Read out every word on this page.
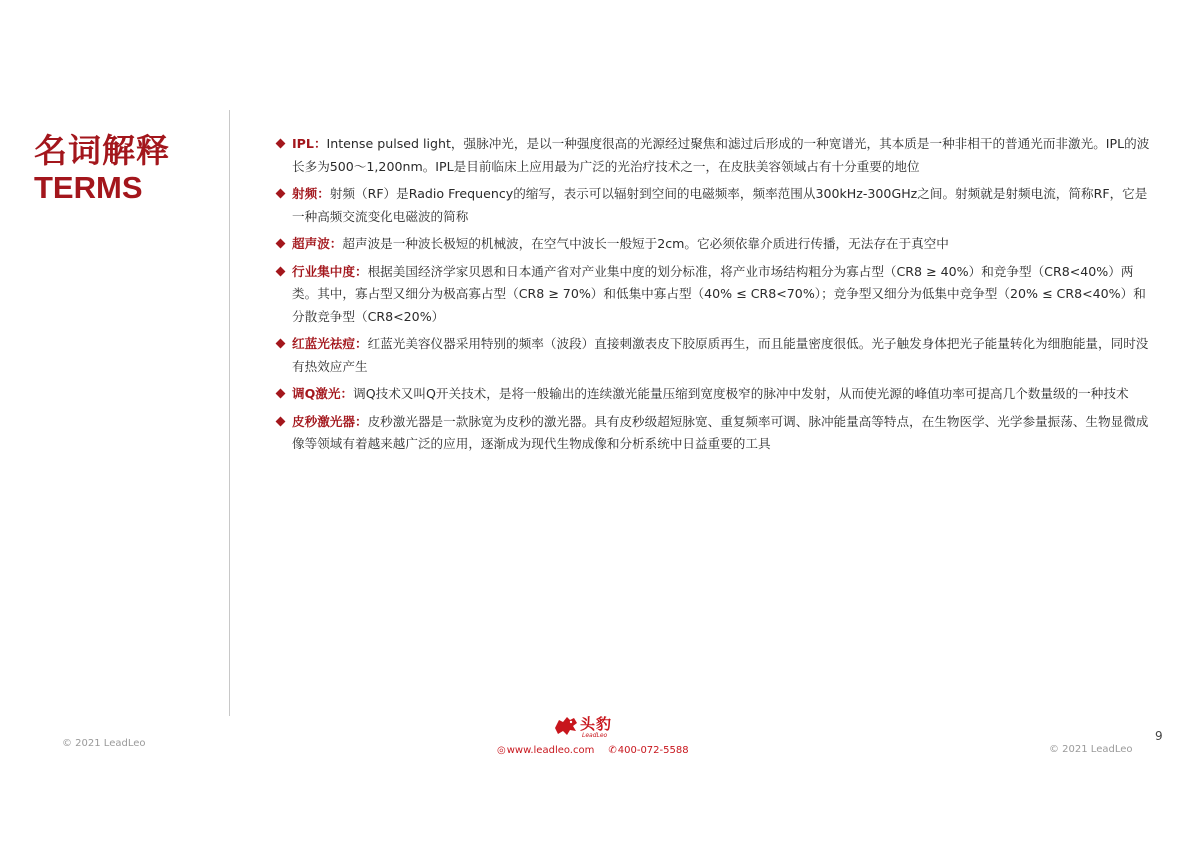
名词解释
TERMS
IPL：Intense pulsed light，强脉冲光，是以一种强度很高的光源经过聚焦和滤过后形成的一种宽谱光，其本质是一种非相干的普通光而非激光。IPL的波长多为500～1,200nm。IPL是目前临床上应用最为广泛的光治疗技术之一，在皮肤美容领域占有十分重要的地位
射频：射频（RF）是Radio Frequency的缩写，表示可以辐射到空间的电磁频率，频率范围从300kHz-300GHz之间。射频就是射频电流，简称RF，它是一种高频交流变化电磁波的简称
超声波：超声波是一种波长极短的机械波，在空气中波长一般短于2cm。它必须依靠介质进行传播，无法存在于真空中
行业集中度：根据美国经济学家贝恩和日本通产省对产业集中度的划分标准，将产业市场结构粗分为寡占型（CR8 ≥ 40%）和竞争型（CR8<40%）两类。其中，寡占型又细分为极高寡占型（CR8 ≥ 70%）和低集中寡占型（40% ≤ CR8<70%）；竞争型又细分为低集中竞争型（20% ≤ CR8<40%）和分散竞争型（CR8<20%）
红蓝光祛痘：红蓝光美容仪器采用特别的频率（波段）直接刺激表皮下胶原质再生，而且能量密度很低。光子触发身体把光子能量转化为细胞能量，同时没有热效应产生
调Q激光：调Q技术又叫Q开关技术，是将一般输出的连续激光能量压缩到宽度极窄的脉冲中发射，从而使光源的峰值功率可提高几个数量级的一种技术
皮秒激光器：皮秒激光器是一款脉宽为皮秒的激光器。具有皮秒级超短脉宽、重复频率可调、脉冲能量高等特点，在生物医学、光学参量振荡、生物显微成像等领域有着越来越广泛的应用，逐渐成为现代生物成像和分析系统中日益重要的工具
© 2021 LeadLeo
头豹
LeadLeo
◎www.leadleo.com ✆400-072-5588	© 2021 LeadLeo
9
